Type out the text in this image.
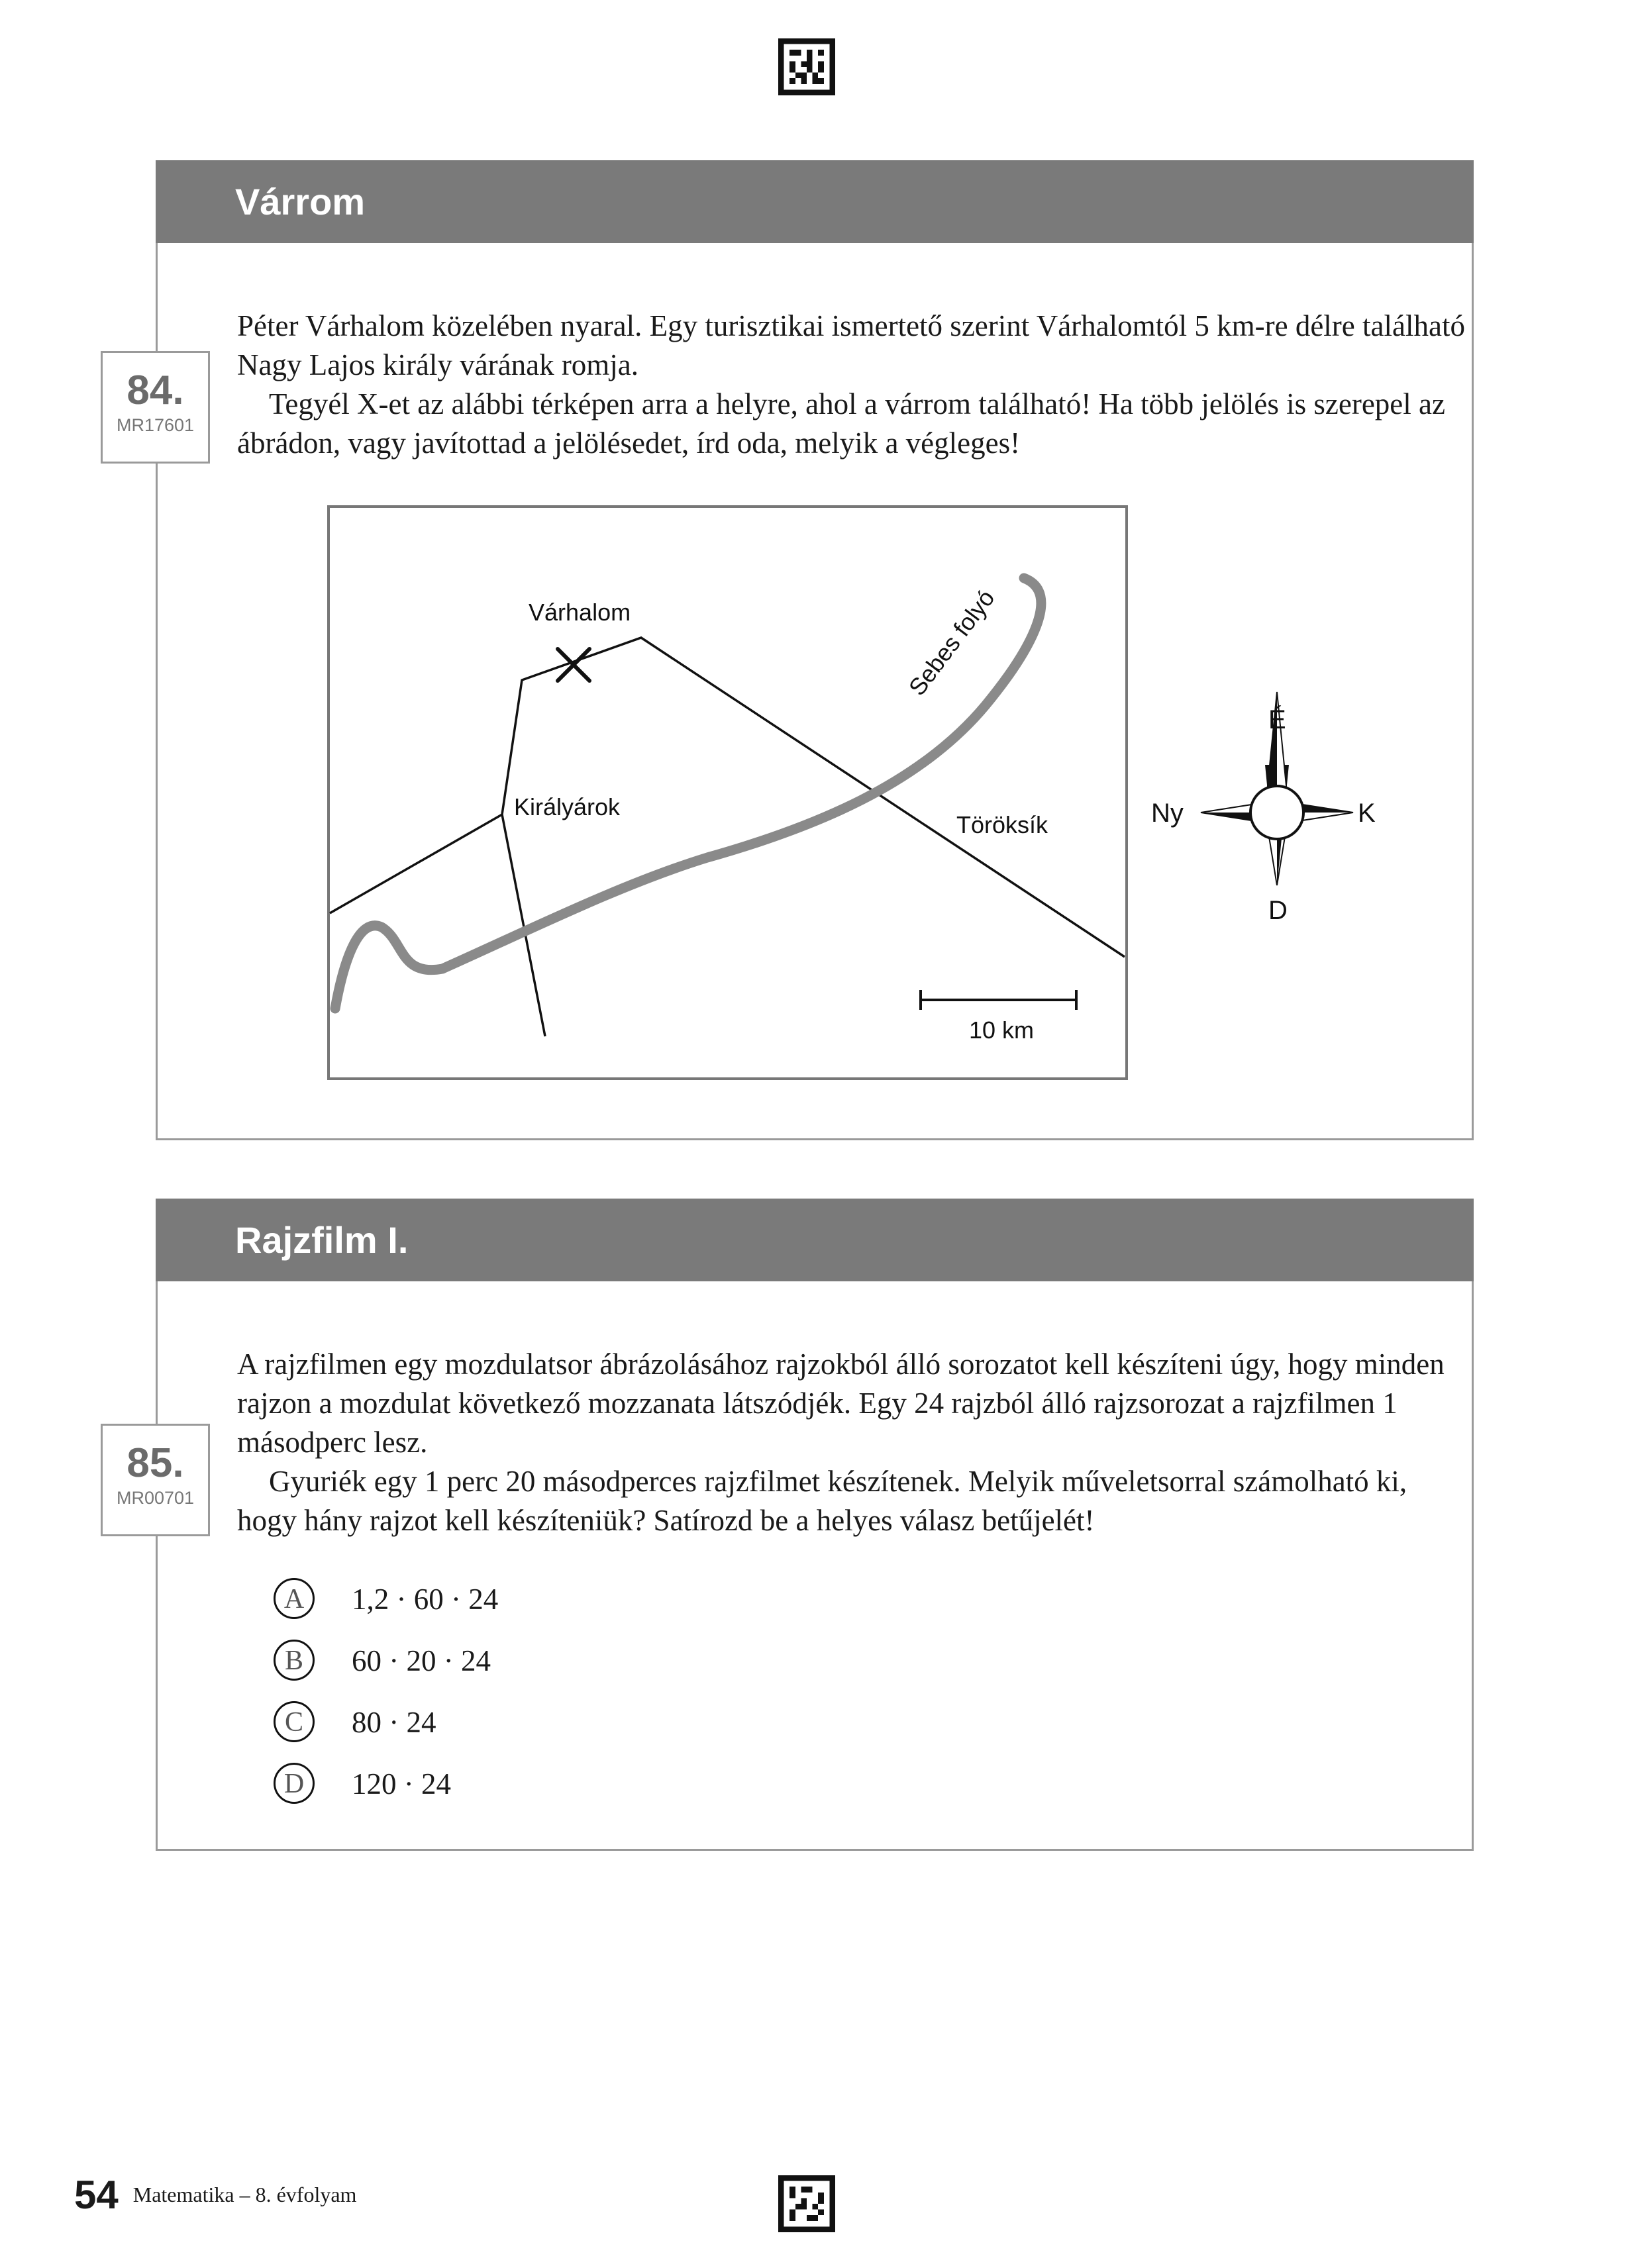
Várrom

Péter Várhalom közelében nyaral. Egy turisztikai ismertető szerint Várhalomtól 5 km-re délre található Nagy Lajos király várának romja.

Tegyél X-et az alábbi térképen arra a helyre, ahol a várrom található! Ha több jelölés is szerepel az ábrádon, vagy javítottad a jelölésedet, írd oda, melyik a végleges!

Várhalom
Királyárok
Töröksík
Sebes folyó
10 km
É
D
Ny	K
84.
MR17601
Rajzfilm I.

A rajzfilmen egy mozdulatsor ábrázolásához rajzokból álló sorozatot kell készíteni úgy, hogy minden rajzon a mozdulat következő mozzanata látszódjék. Egy 24 rajzból álló rajzsorozat a rajzfilmen 1 másodperc lesz.

Gyuriék egy 1 perc 20 másodperces rajzfilmet készítenek. Melyik műveletsorral számolható ki, hogy hány rajzot kell készíteniük? Satírozd be a helyes válasz betűjelét!

A	1,2 · 60 · 24
B	60 · 20 · 24
C	80 · 24
D	120 · 24
85.
MR00701
54 Matematika – 8. évfolyam
